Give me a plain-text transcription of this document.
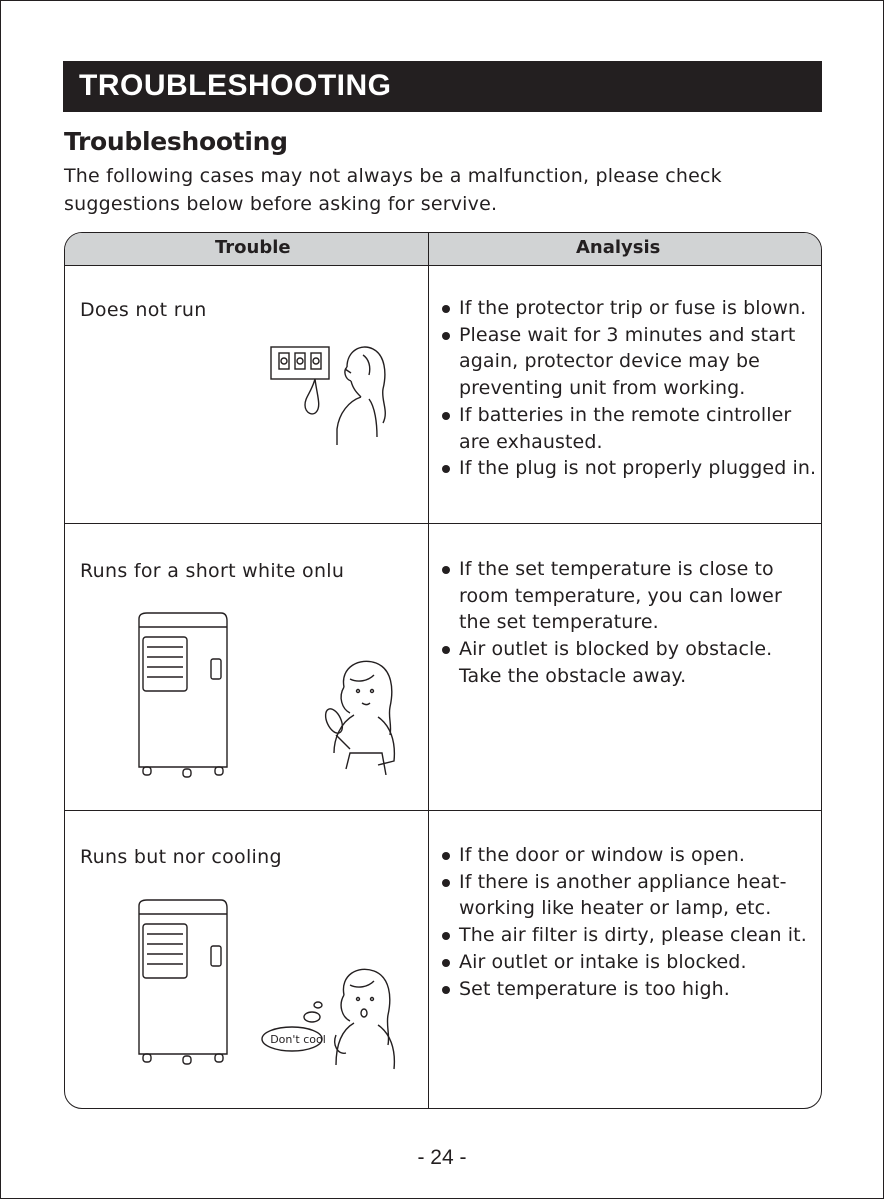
TROUBLESHOOTING
Troubleshooting
The following cases may not always be a malfunction, please check
suggestions below before asking for servive.
Trouble	Analysis
Does not run	If the protector trip or fuse is blown.
Please wait for 3 minutes and start again, protector device may be preventing unit from working.
If batteries in the remote cintroller are exhausted.
If the plug is not properly plugged in.
Runs for a short white onlu	If the set temperature is close to room temperature, you can lower the set temperature.
Air outlet is blocked by obstacle. Take the obstacle away.
Runs but nor cooling	If the door or window is open.
If there is another appliance heat-working like heater or lamp, etc.
The air filter is dirty, please clean it.
Air outlet or intake is blocked.
Set temperature is too high.
Don't cool
- 24 -
